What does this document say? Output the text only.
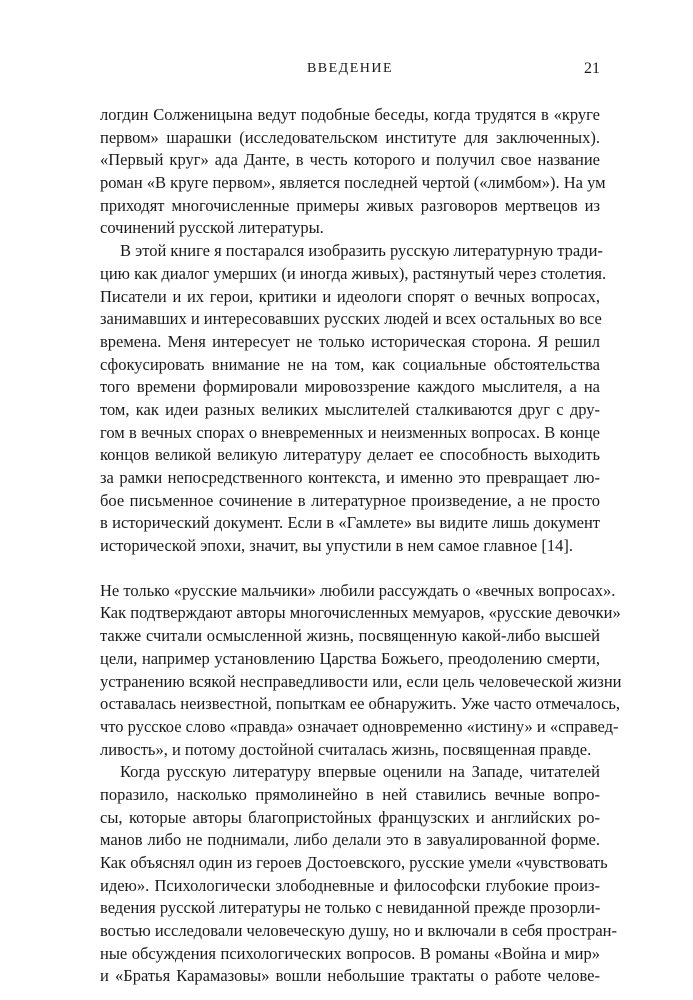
ВВЕДЕНИЕ	21
логдин Солженицына ведут подобные беседы, когда трудятся в «круге
первом» шарашки (исследовательском институте для заключенных).
«Первый круг» ада Данте, в честь которого и получил свое название
роман «В круге первом», является последней чертой («лимбом»). На ум
приходят многочисленные примеры живых разговоров мертвецов из
сочинений русской литературы.
В этой книге я постарался изобразить русскую литературную тради-
цию как диалог умерших (и иногда живых), растянутый через столетия.
Писатели и их герои, критики и идеологи спорят о вечных вопросах,
занимавших и интересовавших русских людей и всех остальных во все
времена. Меня интересует не только историческая сторона. Я решил
сфокусировать внимание не на том, как социальные обстоятельства
того времени формировали мировоззрение каждого мыслителя, а на
том, как идеи разных великих мыслителей сталкиваются друг с дру-
гом в вечных спорах о вневременных и неизменных вопросах. В конце
концов великой великую литературу делает ее способность выходить
за рамки непосредственного контекста, и именно это превращает лю-
бое письменное сочинение в литературное произведение, а не просто
в исторический документ. Если в «Гамлете» вы видите лишь документ
исторической эпохи, значит, вы упустили в нем самое главное [14].
Не только «русские мальчики» любили рассуждать о «вечных вопросах».
Как подтверждают авторы многочисленных мемуаров, «русские девочки»
также считали осмысленной жизнь, посвященную какой-либо высшей
цели, например установлению Царства Божьего, преодолению смерти,
устранению всякой несправедливости или, если цель человеческой жизни
оставалась неизвестной, попыткам ее обнаружить. Уже часто отмечалось,
что русское слово «правда» означает одновременно «истину» и «справед-
ливость», и потому достойной считалась жизнь, посвященная правде.
Когда русскую литературу впервые оценили на Западе, читателей
поразило, насколько прямолинейно в ней ставились вечные вопро-
сы, которые авторы благопристойных французских и английских ро-
манов либо не поднимали, либо делали это в завуалированной форме.
Как объяснял один из героев Достоевского, русские умели «чувствовать
идею». Психологически злободневные и философски глубокие произ-
ведения русской литературы не только с невиданной прежде прозорли-
востью исследовали человеческую душу, но и включали в себя простран-
ные обсуждения психологических вопросов. В романы «Война и мир»
и «Братья Карамазовы» вошли небольшие трактаты о работе челове-
